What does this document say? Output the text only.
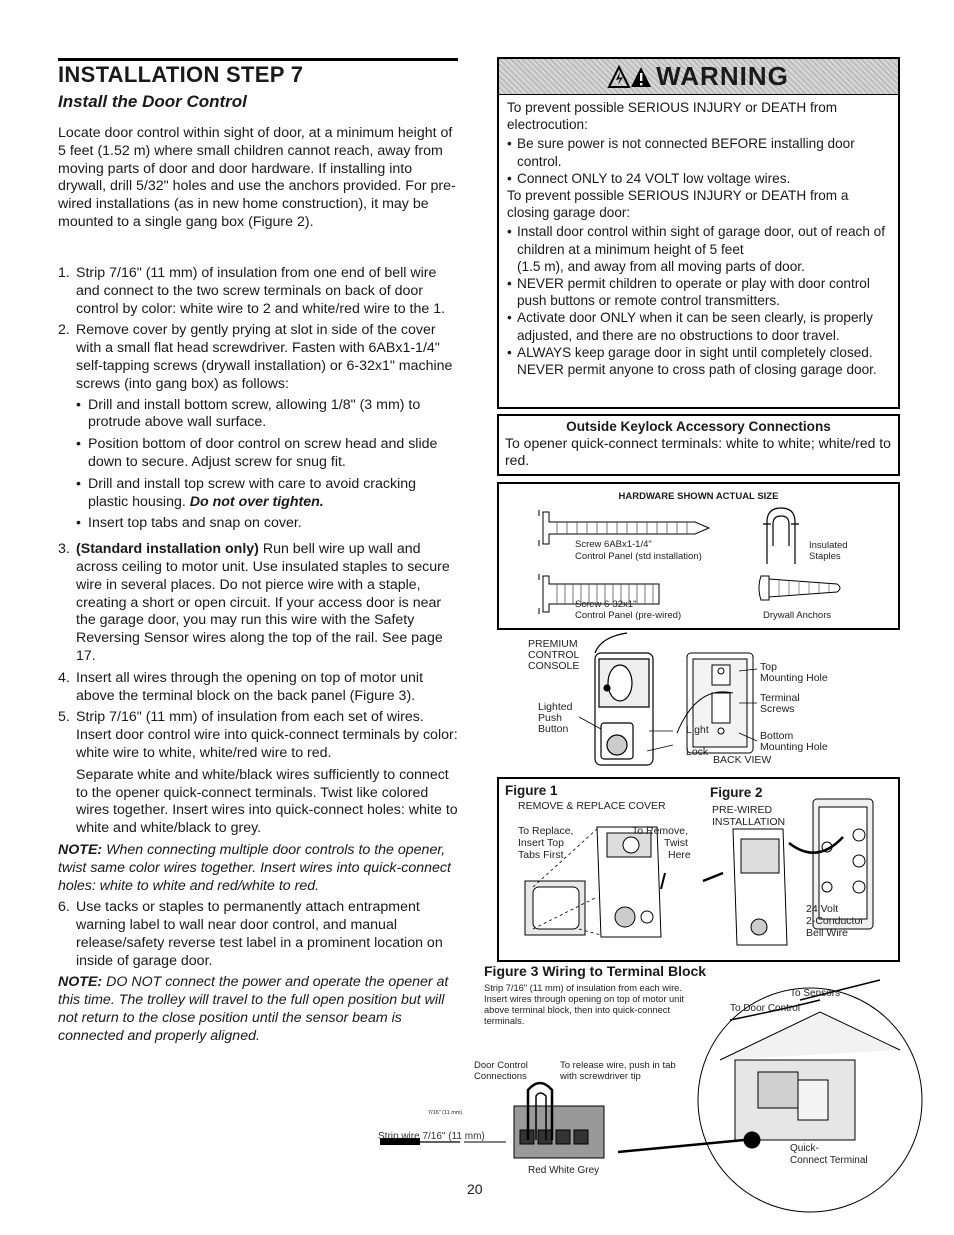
INSTALLATION STEP 7
Install the Door Control
Locate door control within sight of door, at a minimum height of 5 feet (1.52 m) where small children cannot reach, away from moving parts of door and door hardware. If installing into drywall, drill 5/32" holes and use the anchors provided. For pre-wired installations (as in new home construction), it may be mounted to a single gang box (Figure 2).
1. Strip 7/16" (11 mm) of insulation from one end of bell wire and connect to the two screw terminals on back of door control by color: white wire to 2 and white/red wire to the 1.
2. Remove cover by gently prying at slot in side of the cover with a small flat head screwdriver. Fasten with 6ABx1-1/4" self-tapping screws (drywall installation) or 6-32x1" machine screws (into gang box) as follows:
• Drill and install bottom screw, allowing 1/8" (3 mm) to protrude above wall surface.
• Position bottom of door control on screw head and slide down to secure. Adjust screw for snug fit.
• Drill and install top screw with care to avoid cracking plastic housing. Do not over tighten.
• Insert top tabs and snap on cover.
3. (Standard installation only) Run bell wire up wall and across ceiling to motor unit. Use insulated staples to secure wire in several places. Do not pierce wire with a staple, creating a short or open circuit. If your access door is near the garage door, you may run this wire with the Safety Reversing Sensor wires along the top of the rail. See page 17.
4. Insert all wires through the opening on top of motor unit above the terminal block on the back panel (Figure 3).
5. Strip 7/16" (11 mm) of insulation from each set of wires. Insert door control wire into quick-connect terminals by color: white wire to white, white/red wire to red.
Separate white and white/black wires sufficiently to connect to the opener quick-connect terminals. Twist like colored wires together. Insert wires into quick-connect holes: white to white and white/black to grey.
NOTE: When connecting multiple door controls to the opener, twist same color wires together. Insert wires into quick-connect holes: white to white and red/white to red.
6. Use tacks or staples to permanently attach entrapment warning label to wall near door control, and manual release/safety reverse test label in a prominent location on inside of garage door.
NOTE: DO NOT connect the power and operate the opener at this time. The trolley will travel to the full open position but will not return to the close position until the sensor beam is connected and properly aligned.
WARNING

To prevent possible SERIOUS INJURY or DEATH from electrocution:

• Be sure power is not connected BEFORE installing door control.
• Connect ONLY to 24 VOLT low voltage wires.

To prevent possible SERIOUS INJURY or DEATH from a closing garage door:

• Install door control within sight of garage door, out of reach of children at a minimum height of 5 feet
(1.5 m), and away from all moving parts of door.
• NEVER permit children to operate or play with door control push buttons or remote control transmitters.
• Activate door ONLY when it can be seen clearly, is properly adjusted, and there are no obstructions to door travel.
• ALWAYS keep garage door in sight until completely closed. NEVER permit anyone to cross path of closing garage door.
Outside Keylock Accessory Connections
To opener quick-connect terminals: white to white; white/red to red.
HARDWARE SHOWN ACTUAL SIZE
Screw 6ABx1-1/4"
Control Panel (std installation)
Insulated
Staples
Screw 6-32x1"
Control Panel (pre-wired)	Drywall Anchors
PREMIUM
CONTROL
CONSOLE
Lighted
Push
Button	Light
Lock
BACK VIEW
Top
Mounting Hole
Terminal
Screws
Bottom
Mounting Hole
Figure 1
REMOVE & REPLACE COVER
To Replace,
Insert Top
Tabs First
To Remove,
Twist
Here
Figure 2
PRE-WIRED
INSTALLATION
24 Volt
2-Conductor
Bell Wire
Figure 3 Wiring to Terminal Block
Strip 7/16" (11 mm) of insulation from each wire.
Insert wires through opening on top of motor unit
above terminal block, then into quick-connect
terminals.
To Sensors
To Door Control
Door Control
Connections
To release wire, push in tab
with screwdriver tip
Quick-
Connect Terminal
Red White Grey
7/16" (11 mm)
Strip wire 7/16" (11 mm)
20
